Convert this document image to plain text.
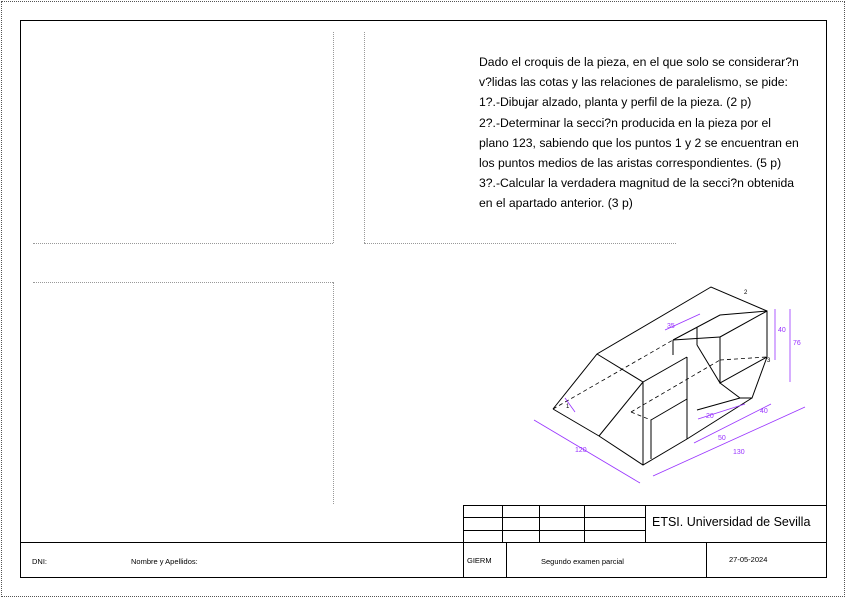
Dado el croquis de la pieza, en el que solo se considerar?n
v?lidas las cotas y las relaciones de paralelismo, se pide:
1?.-Dibujar alzado, planta y perfil de la pieza. (2 p)
2?.-Determinar la secci?n producida en la pieza por el
plano 123, sabiendo que los puntos 1 y 2 se encuentran en
los puntos medios de las aristas correspondientes. (5 p)
3?.-Calcular la verdadera magnitud de la secci?n obtenida
en el apartado anterior. (3 p)
35
40
76
20
40
50
120	130
1
2
3
ETSI. Universidad de Sevilla
GIERM	Segundo examen parcial	27-05-2024
DNI:	Nombre y Apellidos:
